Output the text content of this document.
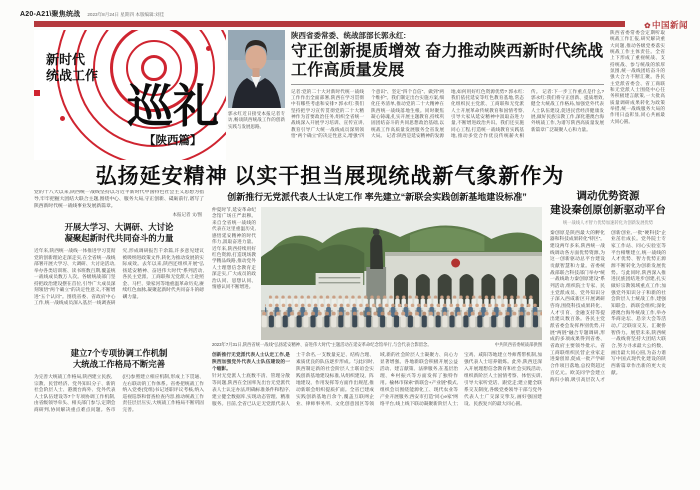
A20-A21\聚焦统战 2023年8月24日 星期四 本版编辑:刘佳
✿中国新闻
新时代
统战工作
巡礼
【陕西篇】
郭永红近日接受本报记者专访,畅谈陕西统战工作的创新实践与发展思路。
陕西省委常委、统战部部长郭永红:
守正创新提质增效 奋力推动陕西新时代统战工作高质量发展
记者:党的二十大对新时代统一战线工作作出全面部署,陕西在学习贯彻中有哪些考虑和安排? 郭永红:我们坚持把学习宣传贯彻党的二十大精神作为首要政治任务,组织全省统一战线深入开展学习培训、宣传宣讲,教育引导广大统一战线成员深刻领悟“两个确立”的决定性意义,增强“四个意识”、坚定“四个自信”、做到“两个维护”。我们制定出台实施方案,细化任务清单,推动党的二十大精神在陕西统一战线落地生根。同时聚焦凝心铸魂,扎实开展主题教育,持续巩固团结奋斗的共同思想政治基础,以统战工作高质量发展服务全省发展大局。 记者:陕西是延安精神的发源地,如何用好红色资源优势? 郭永红:我们依托延安等红色教育基地,常态化组织民主党派、工商联和无党派人士开展革命传统教育和国情考察,引导大家从延安精神中汲取奋进力量,不断增进政治共识。我们还实施同心工程,打造统一战线教育实践基地,推动多党合作优良传统薪火相传。 记者:下一步工作重点是什么? 郭永红:我们将守正创新、提质增效,健全大统战工作格局,加强党外代表人士队伍建设,促进民营经济健康发展,做好民族宗教工作,深化港澳台海外统战工作,为谱写陕西高质量发展新篇章广泛凝聚人心和力量。
陕西省委常委会定期听取统战工作汇报,研究解决重大问题,推动各级党委落实统战工作主体责任。全省上下形成了重视统战、支持统战、参与统战的浓厚氛围,统一战线团结奋斗的强大合力不断汇聚。各民主党派省委会、省工商联和无党派人士围绕中心任务积极建言献策,一大批高质量调研成果转化为政策举措,统一战线服务大局的作用日益彰显,同心共画最大同心圆。
弘扬延安精神 以实干担当展现统战新气象新作为
党的十八大以来,陕西统一战线坚持以习近平新时代中国特色社会主义思想为指导,牢牢把握大团结大联合主题,围绕中心、服务大局,守正创新、砥砺前行,谱写了陕西新时代统一战线事业发展新篇章。
本报记者 文/图
开展大学习、大调研、大讨论
凝聚起新时代共同奋斗的力量
近年来,陕西统一战线一体推进学习贯彻党的创新理论走深走实,在全省统一战线部署开展大学习、大调研、大讨论活动,举办各类培训班、读书班数百期,覆盖统一战线成员数万人次。各级统战部门坚持把政治建设摆在首位,引导广大成员深刻领悟“两个确立”的决定性意义,不断增进“五个认同”。围绕省委、省政府中心工作,统一战线成员深入基层一线调查研究,形成调研报告千余篇,许多意见建议被吸纳进政策文件,转化为推动发展的实际成效。去年以来,陕西还组织开展“弘扬延安精神、奋进伟大时代”系列活动,各民主党派、工商联和无党派人士赴照金、马栏、梁家河等地重温革命历史,赓续红色血脉,凝聚起新时代共同奋斗的磅礴力量。
建立7个专项协调工作机制
大统战工作格局不断完善
为完善大统战工作格局,陕西建立民族、宗教、民营经济、党外知识分子、新的社会阶层人士、港澳台海外、党外代表人士队伍建设等7个专项协调工作机制,由省级领导牵头、相关部门参与,定期会商研判,协同解决重点难点问题。各市(区)参照建立相应机制,形成上下贯通、左右联动的工作体系。省委把统战工作纳入党委(党组)书记述职评议考核,纳入巡视巡察和督查检查内容,推动统战工作责任层层压实,大统战工作格局不断巩固完善。
创新推行无党派代表人士认定工作 率先建立“新联会实践创新基地建设标准”
仲夏时节,延安革命纪念馆广场庄严肃穆。来自全省统一战线的代表在这里重温历史,感悟延安精神的时代伟力,汲取奋进力量。近年来,陕西持续用好红色资源,打造现场教学精品线路,推动党外人士理想信念教育走深走实,广大成员的政治认同、思想认同、情感认同不断增进。
2023年7月31日,陕西省统一战线“弘扬延安精神、奋进伟大时代”主题活动在延安革命纪念馆举行,与会代表合影留念。	中共陕西省委统战部供图

创新推行无党派代表人士认定工作,是陕西加强党外代表人士队伍建设的一个缩影。

针对无党派人士底数不清、管理分散等问题,陕西在全国率先出台无党派代表人士认定办法,明确标准条件和程序,建立健全数据库,实现动态管理、精准服务。目前,全省已认定无党派代表人士千余名,一支数量充足、结构合理、素质优良的队伍逐步形成。与此同时,陕西制定新的社会阶层人士联谊会实践创新基地建设标准,从组织建设、阵地建设、作用发挥等方面作出规范,推动新联会组织提质扩面。全省已建成实践创新基地百余个,覆盖互联网企业、律师事务所、文化创意园区等领域,新的社会阶层人士凝聚力、向心力显著增强。各地新联会积极开展公益活动、建言献策、法律服务,在基层治理、乡村振兴等方面发挥了独特作用。榆林市探索“新联会+产业链”模式,组织会员围绕能源化工、现代农业等产业开展服务;西安市打造“同心e家”网络平台,线上线下联动凝聚新阶层人士;宝鸡、咸阳等地建立导师帮带机制,加强代表人士培养锻炼。此外,陕西还深入开展理想信念教育和社会实践活动,组织新阶层人士国情考察、体悟实训,引导大家听党话、跟党走;建立健全联系交友制度,各级党委领导干部与党外代表人士广交深交挚友,画好强国建设、民族复兴的最大同心圆。

调动优势资源
建设秦创原创新驱动平台
统一战线人才智力优势加速转化为创新发展优势
秦创原是陕西最大的孵化器和科技成果转化“特区”。建设两年多来,陕西统一战线调动各方面优势资源,为这一创新驱动总平台建设贡献智慧和力量。省委统战部联合科技部门举办“统一战线助力秦创原建设”系列活动,组织院士专家、民主党派成员、党外知识分子深入西咸新区开展调研咨询,围绕科技成果转化、人才引育、金融支持等提出建议数百条。各民主党派省委会发挥界别优势,开展“两链”融合专题调研,形成的多项成果得到省委、省政府主要领导批示。省工商联组织民营企业家走进秦创原,促成一批产学研合作项目落地,总投资超过百亿元。欧美同学会建立海归小镇,吸引高层次人才创新创业,一批“硬科技”企业茁壮成长。党外院士专家工作站、同心实验室等平台相继建立,统一战线的人才优势、智力优势正源源不断转化为创新发展优势。与此同时,陕西深入推进民族团结进步创建,扎实做好宗教领域重点工作;加强党外知识分子和新的社会阶层人士统战工作,建强知联会、新联会组织;深化港澳台海外统战工作,举办华商论坛、恳亲大会等活动,广泛联谊交友、汇聚侨智侨力。展望未来,陕西统一战线将坚持大团结大联合,努力寻求最大公约数、画出最大同心圆,为奋力谱写中国式现代化建设的陕西新篇章作出新的更大贡献。
